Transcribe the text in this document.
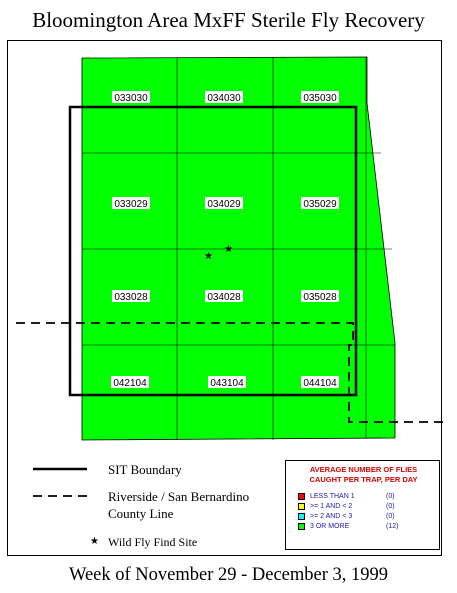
Bloomington Area MxFF Sterile Fly Recovery
033030	034030	035030
033029	034029	035029
033028	034028	035028
042104	043104	044104
★
★
SIT Boundary
Riverside / San Bernardino
County Line
★ Wild Fly Find Site
AVERAGE NUMBER OF FLIES
CAUGHT PER TRAP, PER DAY
LESS THAN 1	(0)
>= 1 AND < 2	(0)
>= 2 AND < 3	(0)
3 OR MORE	(12)
Week of November 29 - December 3, 1999
